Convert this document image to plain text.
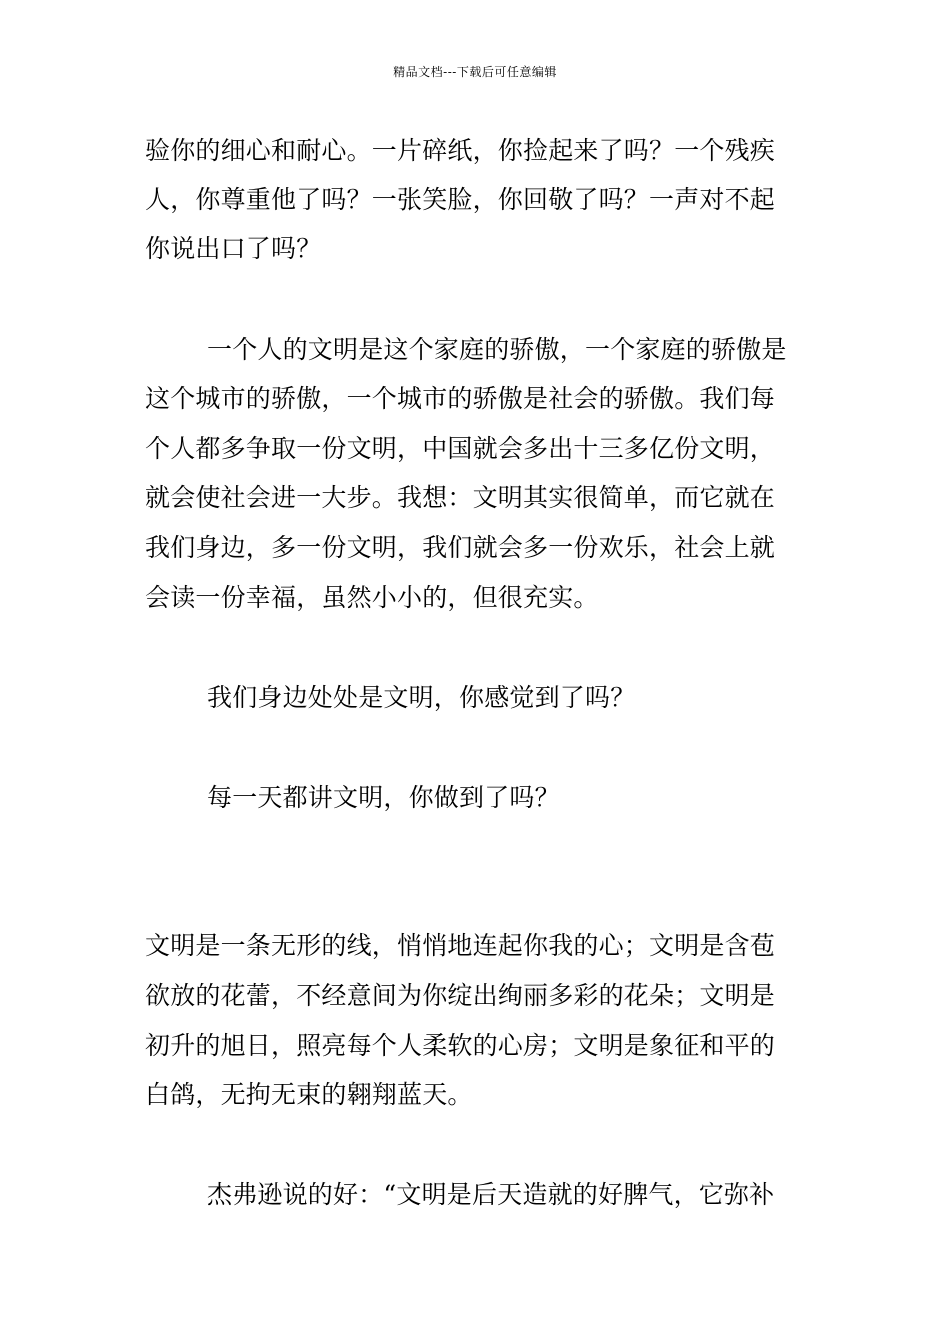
精品文档---下载后可任意编辑
验你的细心和耐心。一片碎纸，你捡起来了吗？一个残疾
人，你尊重他了吗？一张笑脸，你回敬了吗？一声对不起
你说出口了吗？
一个人的文明是这个家庭的骄傲，一个家庭的骄傲是
这个城市的骄傲，一个城市的骄傲是社会的骄傲。我们每
个人都多争取一份文明，中国就会多出十三多亿份文明，
就会使社会进一大步。我想：文明其实很简单，而它就在
我们身边，多一份文明，我们就会多一份欢乐，社会上就
会读一份幸福，虽然小小的，但很充实。
我们身边处处是文明，你感觉到了吗？
每一天都讲文明，你做到了吗？
文明是一条无形的线，悄悄地连起你我的心；文明是含苞
欲放的花蕾，不经意间为你绽出绚丽多彩的花朵；文明是
初升的旭日，照亮每个人柔软的心房；文明是象征和平的
白鸽，无拘无束的翱翔蓝天。
杰弗逊说的好：“文明是后天造就的好脾气，它弥补
